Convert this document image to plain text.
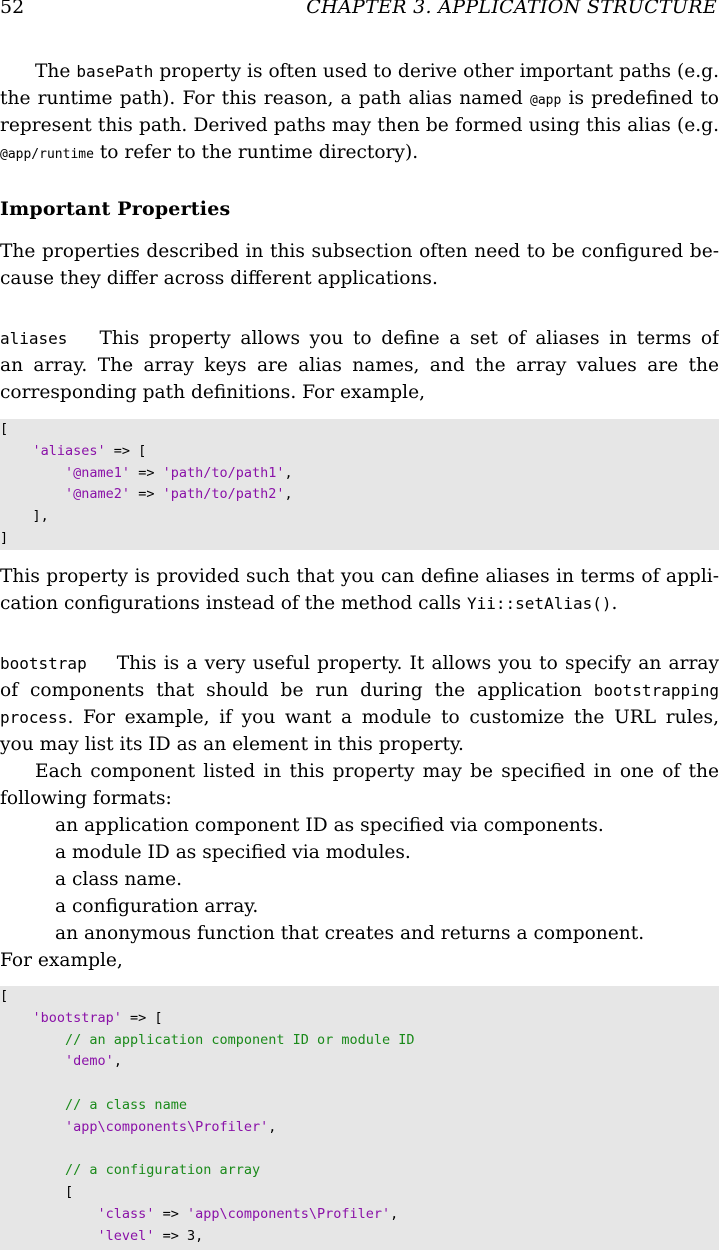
52	CHAPTER 3. APPLICATION STRUCTURE
The basePath property is often used to derive other important paths (e.g.
the runtime path). For this reason, a path alias named @app is predefined to
represent this path. Derived paths may then be formed using this alias (e.g.
@app/runtime to refer to the runtime directory).
Important Properties
The properties described in this subsection often need to be configured be-
cause they differ across different applications.
aliases This property allows you to define a set of aliases in terms of
an array. The array keys are alias names, and the array values are the
corresponding path definitions. For example,
[
'aliases' => [
'@name1' => 'path/to/path1',
'@name2' => 'path/to/path2',
],
]
This property is provided such that you can define aliases in terms of appli-
cation configurations instead of the method calls Yii::setAlias().
bootstrap This is a very useful property. It allows you to specify an array
of components that should be run during the application bootstrapping
process. For example, if you want a module to customize the URL rules,
you may list its ID as an element in this property.
Each component listed in this property may be specified in one of the
following formats:
an application component ID as specified via components.
a module ID as specified via modules.
a class name.
a configuration array.
an anonymous function that creates and returns a component.
For example,
[
'bootstrap' => [
// an application component ID or module ID
'demo',

// a class name
'app\components\Profiler',

// a configuration array
[
'class' => 'app\components\Profiler',
'level' => 3,
